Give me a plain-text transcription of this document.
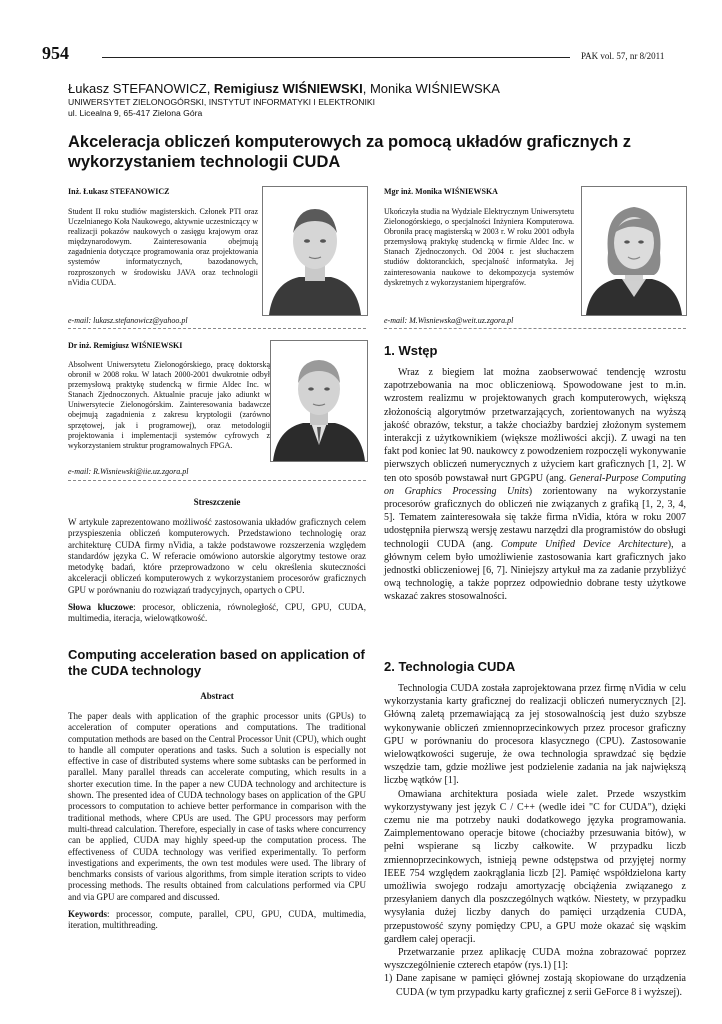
954	PAK vol. 57, nr 8/2011
Łukasz STEFANOWICZ, Remigiusz WIŚNIEWSKI, Monika WIŚNIEWSKA
UNIWERSYTET ZIELONOGÓRSKI, INSTYTUT INFORMATYKI I ELEKTRONIKI
ul. Licealna 9, 65-417 Zielona Góra
Akceleracja obliczeń komputerowych za pomocą układów graficznych z wykorzystaniem technologii CUDA
Inż. Łukasz STEFANOWICZ
Student II roku studiów magisterskich. Członek PTI oraz Uczelnianego Koła Naukowego, aktywnie uczestniczący w realizacji pokazów naukowych o zasięgu krajowym oraz międzynarodowym. Zainteresowania obejmują zagadnienia dotyczące programowania oraz projektowania systemów informatycznych, bazodanowych, rozproszonych w środowisku JAVA oraz technologii nVidia CUDA.
e-mail: lukasz.stefanowicz@yahoo.pl
Mgr inż. Monika WIŚNIEWSKA
Ukończyła studia na Wydziale Elektrycznym Uniwersytetu Zielonogórskiego, o specjalności Inżyniera Komputerowa. Obroniła pracę magisterską w 2003 r. W roku 2001 odbyła przemysłową praktykę studencką w firmie Aldec Inc. w Stanach Zjednoczonych. Od 2004 r. jest słuchaczem studiów doktoranckich, specjalność informatyka. Jej zainteresowania naukowe to dekompozycja systemów dyskretnych z wykorzystaniem hipergrafów.
e-mail: M.Wisniewska@weit.uz.zgora.pl
Dr inż. Remigiusz WIŚNIEWSKI
Absolwent Uniwersytetu Zielonogórskiego, pracę doktorską obronił w 2008 roku. W latach 2000-2001 dwukrotnie odbył przemysłową praktykę studencką w firmie Aldec Inc. w Stanach Zjednoczonych. Aktualnie pracuje jako adiunkt w Uniwersytecie Zielonogórskim. Zainteresowania badawcze obejmują zagadnienia z zakresu kryptologii (zarówno sprzętowej, jak i programowej), oraz metodologii projektowania i implementacji systemów cyfrowych z wykorzystaniem struktur programowalnych FPGA.
e-mail: R.Wisniewski@iie.uz.zgora.pl
Streszczenie

W artykule zaprezentowano możliwość zastosowania układów graficznych celem przyspieszenia obliczeń komputerowych. Przedstawiono technologię oraz architekturę CUDA firmy nVidia, a także podstawowe rozszerzenia względem standardów języka C. W referacie omówiono autorskie algorytmy testowe oraz metodykę badań, które przeprowadzono w celu określenia skuteczności akceleracji obliczeń komputerowych z wykorzystaniem procesorów graficznych GPU w porównaniu do rozwiązań tradycyjnych, opartych o CPU.

Słowa kluczowe: procesor, obliczenia, równoległość, CPU, GPU, CUDA, multimedia, iteracja, wielowątkowość.

Computing acceleration based on application of the CUDA technology
Abstract

The paper deals with application of the graphic processor units (GPUs) to acceleration of computer operations and computations. The traditional computation methods are based on the Central Processor Unit (CPU), which ought to handle all computer operations and tasks. Such a solution is especially not effective in case of distributed systems where some subtasks can be performed in parallel. Many parallel threads can accelerate computing, which results in a shorter execution time. In the paper a new CUDA technology and architecture is shown. The presented idea of CUDA technology bases on application of the GPU processors to computation to achieve better performance in comparison with the traditional methods, where CPUs are used. The GPU processors may perform multi-thread calculation. Therefore, especially in case of tasks where concurrency can be applied, CUDA may highly speed-up the computation process. The effectiveness of CUDA technology was verified experimentally. To perform investigations and experiments, the own test modules were used. The library of benchmarks consists of various algorithms, from simple iteration scripts to video processing methods. The results obtained from calculations performed via CPU and via GPU are compared and discussed.

Keywords: processor, compute, parallel, CPU, GPU, CUDA, multimedia, iteration, multithreading.

1. Wstęp

Wraz z biegiem lat można zaobserwować tendencję wzrostu zapotrzebowania na moc obliczeniową. Spowodowane jest to m.in. wzrostem realizmu w projektowanych grach komputerowych, większą złożonością algorytmów przetwarzających, zorientowanych na wyższą jakość obrazów, tekstur, a także chociażby bardziej złożonym systemem interakcji z użytkownikiem (większe możliwości akcji). Z uwagi na ten fakt pod koniec lat 90. naukowcy z powodzeniem rozpoczęli wykonywanie pierwszych obliczeń numerycznych z użyciem kart graficznych [1, 2]. W ten oto sposób powstawał nurt GPGPU (ang. General-Purpose Computing on Graphics Processing Units) zorientowany na wykorzystanie procesorów graficznych do obliczeń nie związanych z grafiką [1, 2, 3, 4, 5]. Tematem zainteresowała się także firma nVidia, która w roku 2007 udostępniła pierwszą wersję zestawu narzędzi dla programistów do obsługi technologii CUDA (ang. Compute Unified Device Architecture), a głównym celem było umożliwienie zastosowania kart graficznych jako jednostki obliczeniowej [6, 7]. Niniejszy artykuł ma za zadanie przybliżyć ową technologię, a także poprzez odpowiednio dobrane testy użytkowe wskazać zakres stosowalności.

2. Technologia CUDA

Technologia CUDA została zaprojektowana przez firmę nVidia w celu wykorzystania karty graficznej do realizacji obliczeń numerycznych [2]. Główną zaletą przemawiającą za jej stosowalnością jest dużo szybsze wykonywanie obliczeń zmiennoprzecinkowych przez procesor graficzny GPU w porównaniu do procesora klasycznego (CPU). Zastosowanie wielowątkowości sugeruje, że owa technologia sprawdzać się będzie wszędzie tam, gdzie możliwe jest podzielenie zadania na jak największą liczbę wątków [1].

Omawiana architektura posiada wiele zalet. Przede wszystkim wykorzystywany jest język C / C++ (wedle idei "C for CUDA"), dzięki czemu nie ma potrzeby nauki dodatkowego języka programowania. Zaimplementowano operacje bitowe (chociażby przesuwania bitów), w pełni wspierane są liczby całkowite. W przypadku liczb zmiennoprzecinkowych, istnieją pewne odstępstwa od przyjętej normy IEEE 754 względem zaokrąglania liczb [2]. Pamięć współdzielona karty umożliwia swojego rodzaju amortyzację obciążenia związanego z przesyłaniem danych dla poszczególnych wątków. Niestety, w przypadku wysyłania dużej liczby danych do pamięci urządzenia CUDA, przepustowość szyny pomiędzy CPU, a GPU może okazać się wąskim gardłem całej operacji.

Przetwarzanie przez aplikację CUDA można zobrazować poprzez wyszczególnienie czterech etapów (rys.1) [1]:

1) Dane zapisane w pamięci głównej zostają skopiowane do urządzenia CUDA (w tym przypadku karty graficznej z serii GeForce 8 i wyższej).
